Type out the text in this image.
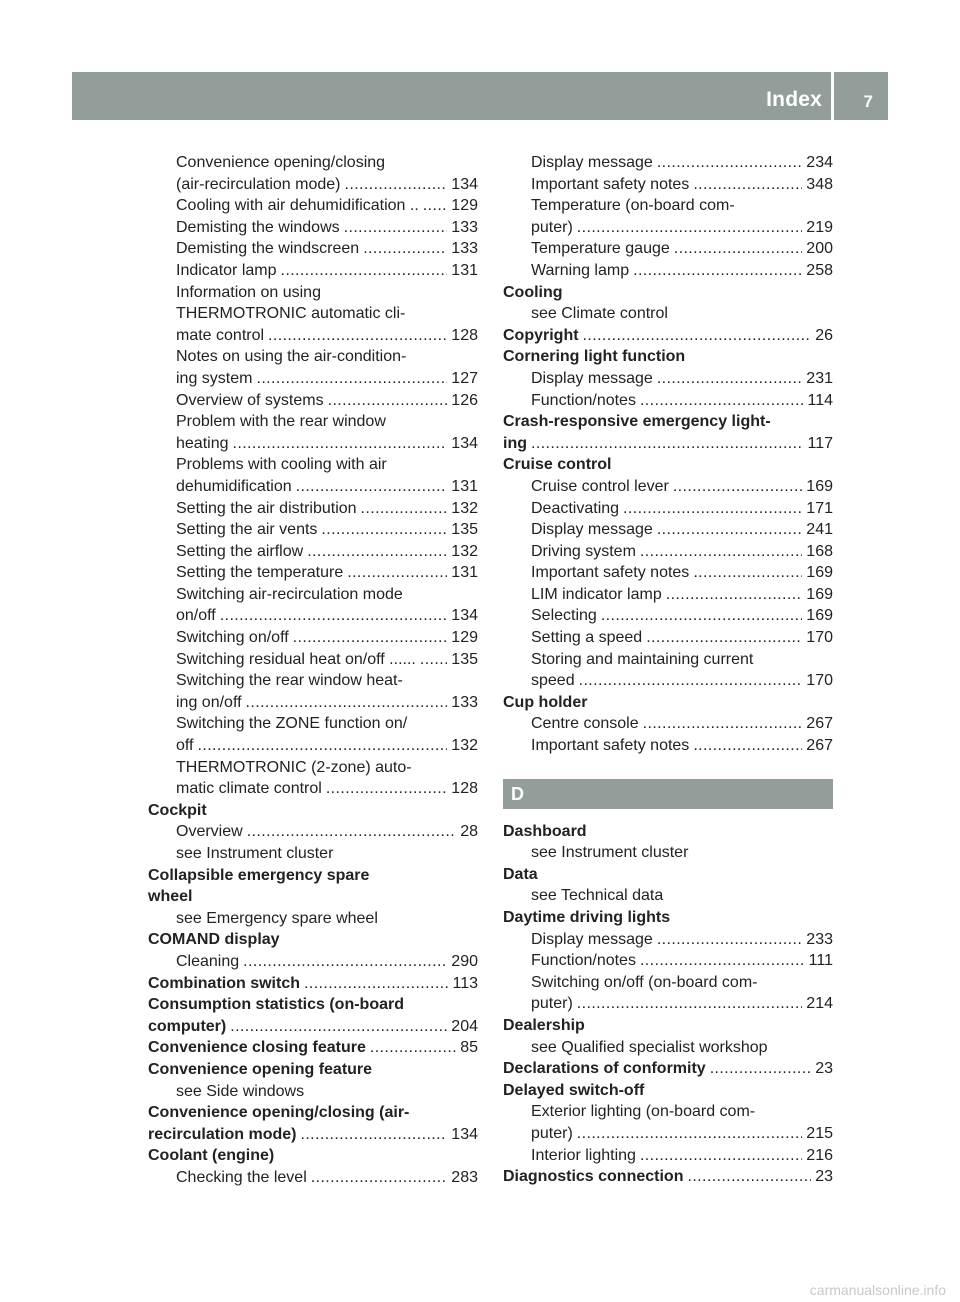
Index 7
Convenience opening/closing
(air-recirculation mode) .....	134
Cooling with air dehumidification .. ..... 129
Demisting the windows .....	133
Demisting the windscreen .....	133
Indicator lamp .....	131
Information on using
THERMOTRONIC automatic cli-
mate control .....	128
Notes on using the air-condition-
ing system .....	127
Overview of systems .....	126
Problem with the rear window
heating .....	134
Problems with cooling with air
dehumidification .....	131
Setting the air distribution .....	132
Setting the air vents .....	135
Setting the airflow .....	132
Setting the temperature .....	131
Switching air-recirculation mode
on/off .....	134
Switching on/off .....	129
Switching residual heat on/off ...... ..... 135
Switching the rear window heat-
ing on/off .....	133
Switching the ZONE function on/
off .....	132
THERMOTRONIC (2-zone) auto-
matic climate control .....	128
Cockpit
Overview .....	28
see Instrument cluster
Collapsible emergency spare
wheel
see Emergency spare wheel
COMAND display
Cleaning .....	290
Combination switch .....	113
Consumption statistics (on-board
computer) .....	204
Convenience closing feature .....	85
Convenience opening feature
see Side windows
Convenience opening/closing (air-
recirculation mode) .....	134
Coolant (engine)
Checking the level .....	283
Display message .....	234
Important safety notes .....	348
Temperature (on-board com-
puter) .....	219
Temperature gauge .....	200
Warning lamp .....	258
Cooling
see Climate control
Copyright .....	26
Cornering light function
Display message .....	231
Function/notes .....	114
Crash-responsive emergency light-
ing .....	117
Cruise control
Cruise control lever .....	169
Deactivating .....	171
Display message .....	241
Driving system .....	168
Important safety notes .....	169
LIM indicator lamp .....	169
Selecting .....	169
Setting a speed .....	170
Storing and maintaining current
speed .....	170
Cup holder
Centre console .....	267
Important safety notes .....	267
D
Dashboard
see Instrument cluster
Data
see Technical data
Daytime driving lights
Display message .....	233
Function/notes .....	111
Switching on/off (on-board com-
puter) .....	214
Dealership
see Qualified specialist workshop
Declarations of conformity .....	23
Delayed switch-off
Exterior lighting (on-board com-
puter) .....	215
Interior lighting .....	216
Diagnostics connection .....	23
carmanualsonline.info
